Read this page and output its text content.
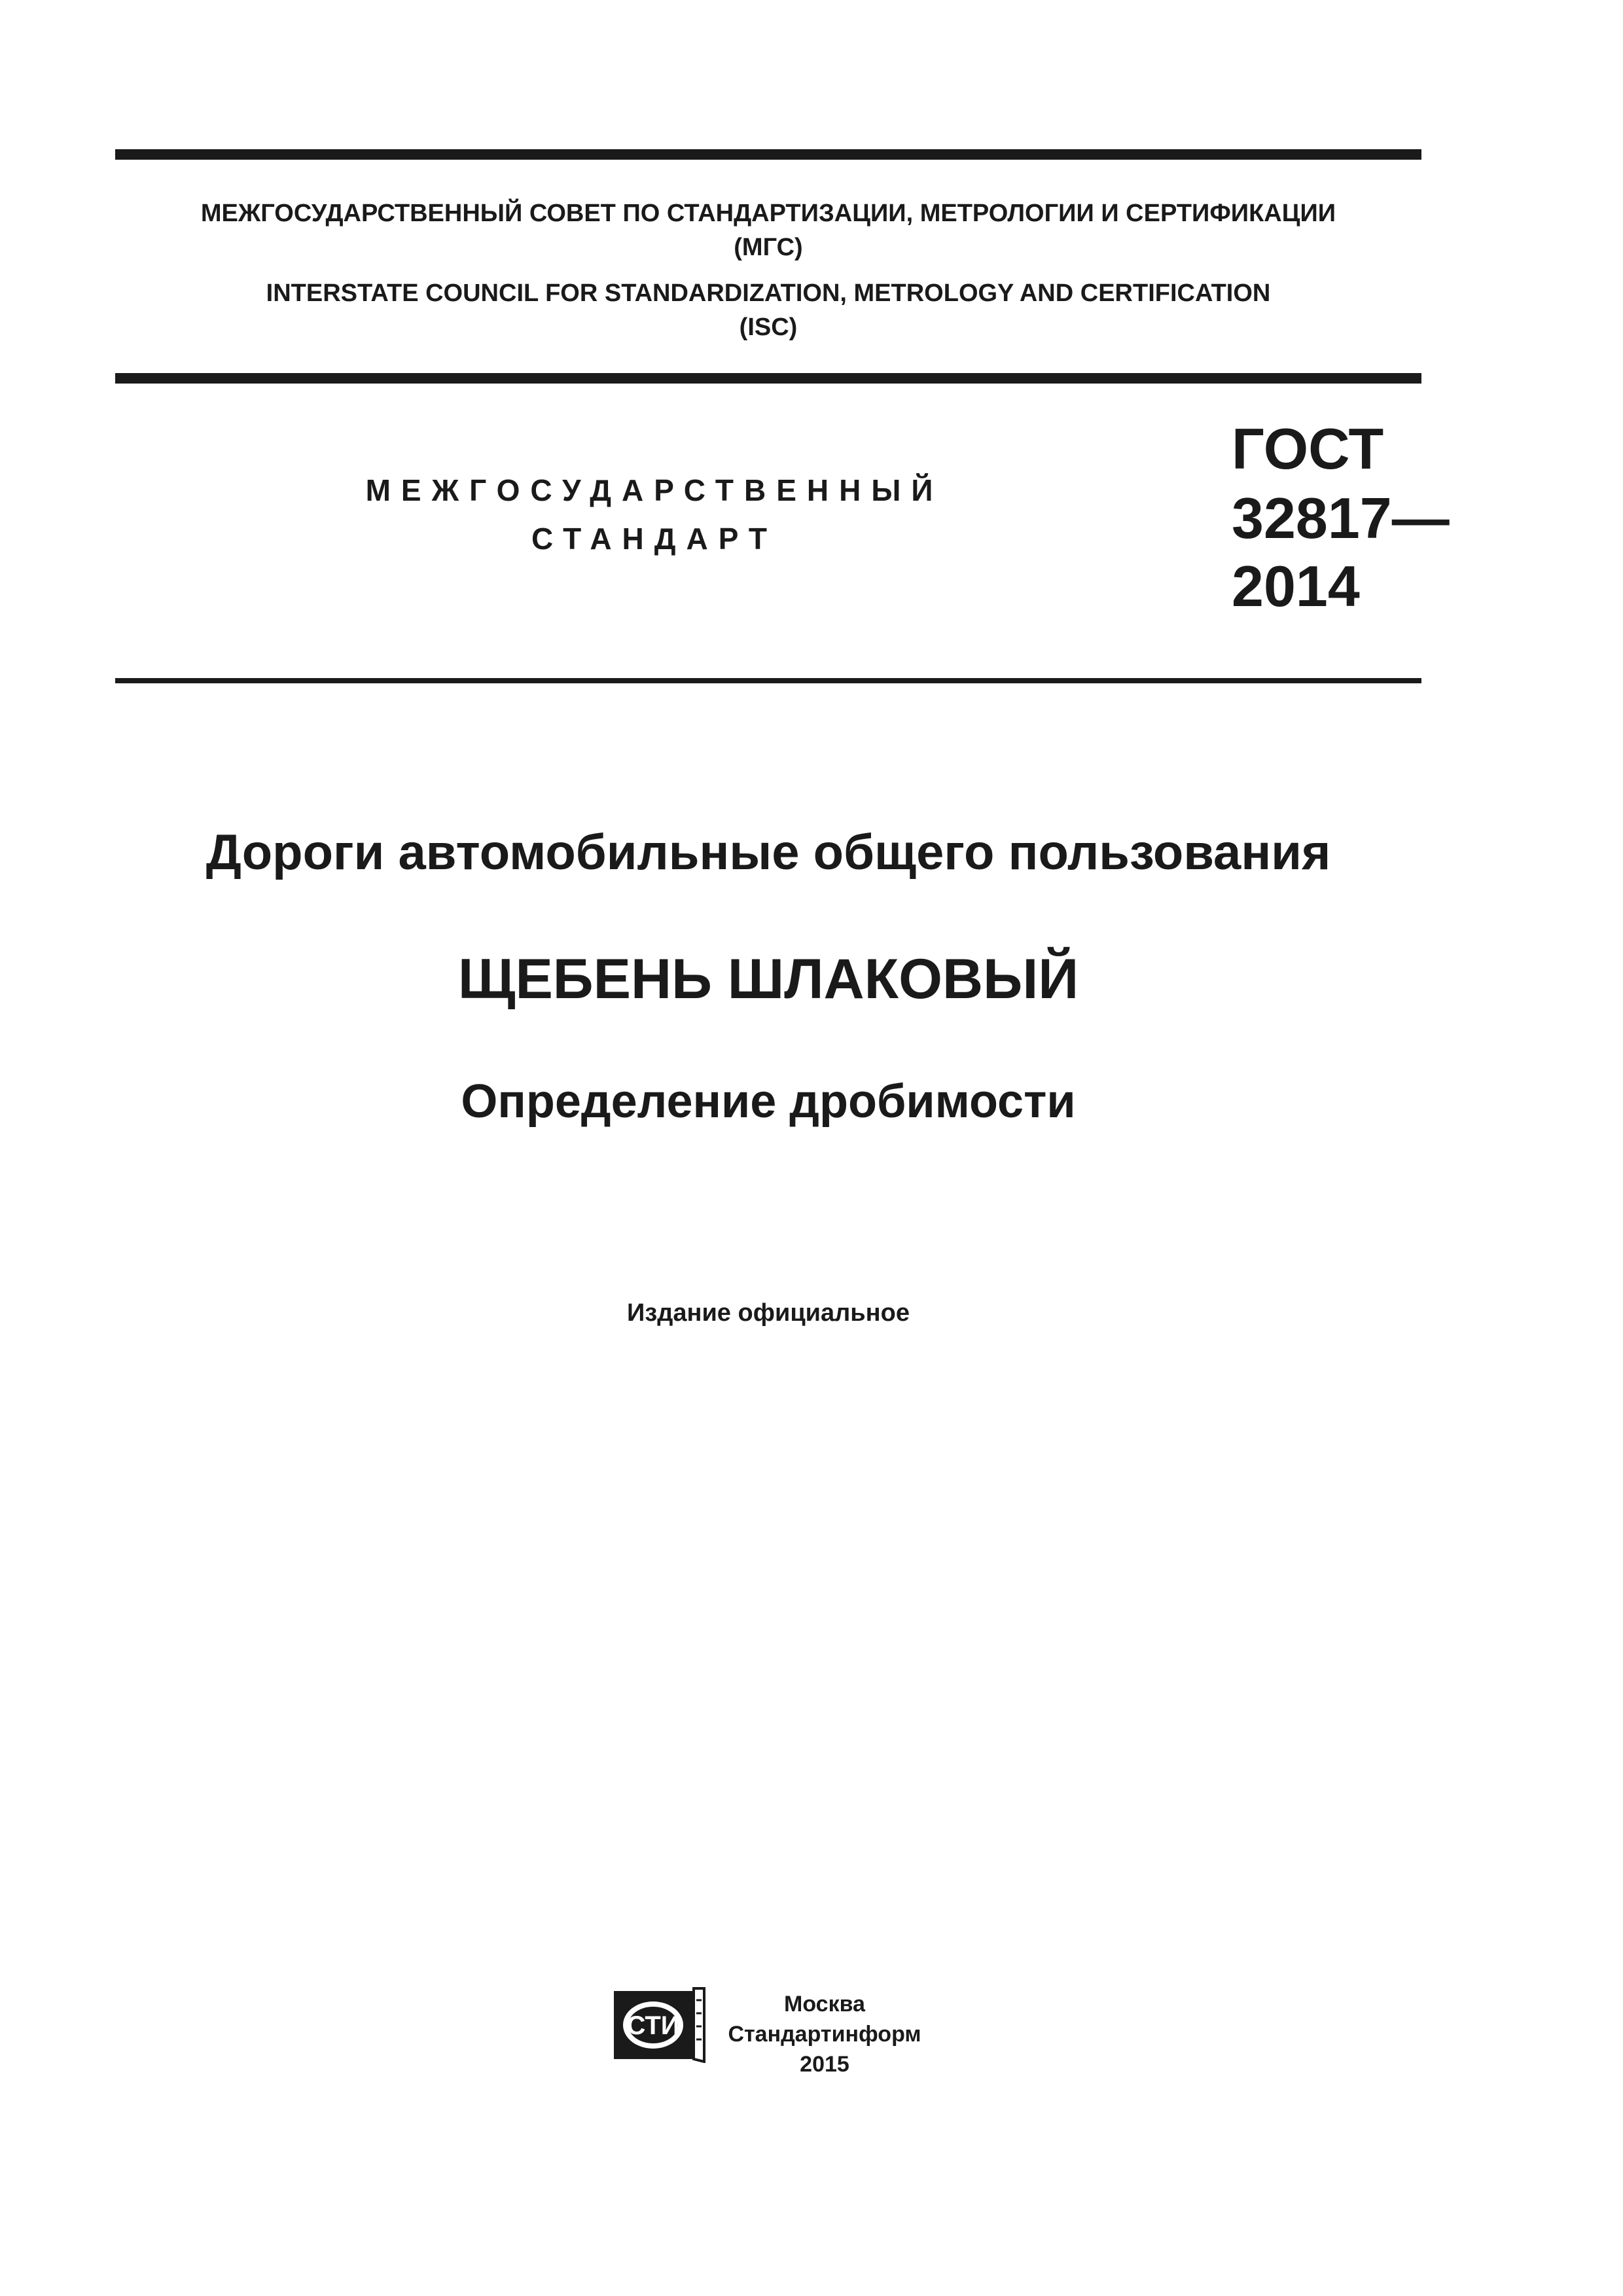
МЕЖГОСУДАРСТВЕННЫЙ СОВЕТ ПО СТАНДАРТИЗАЦИИ, МЕТРОЛОГИИ И СЕРТИФИКАЦИИ
(МГС)
INTERSTATE COUNCIL FOR STANDARDIZATION, METROLOGY AND CERTIFICATION
(ISC)
МЕЖГОСУДАРСТВЕННЫЙ
СТАНДАРТ
ГОСТ
32817—
2014
Дороги автомобильные общего пользования
ЩЕБЕНЬ ШЛАКОВЫЙ
Определение дробимости
Издание официальное
СТИ
Москва
Стандартинформ
2015
